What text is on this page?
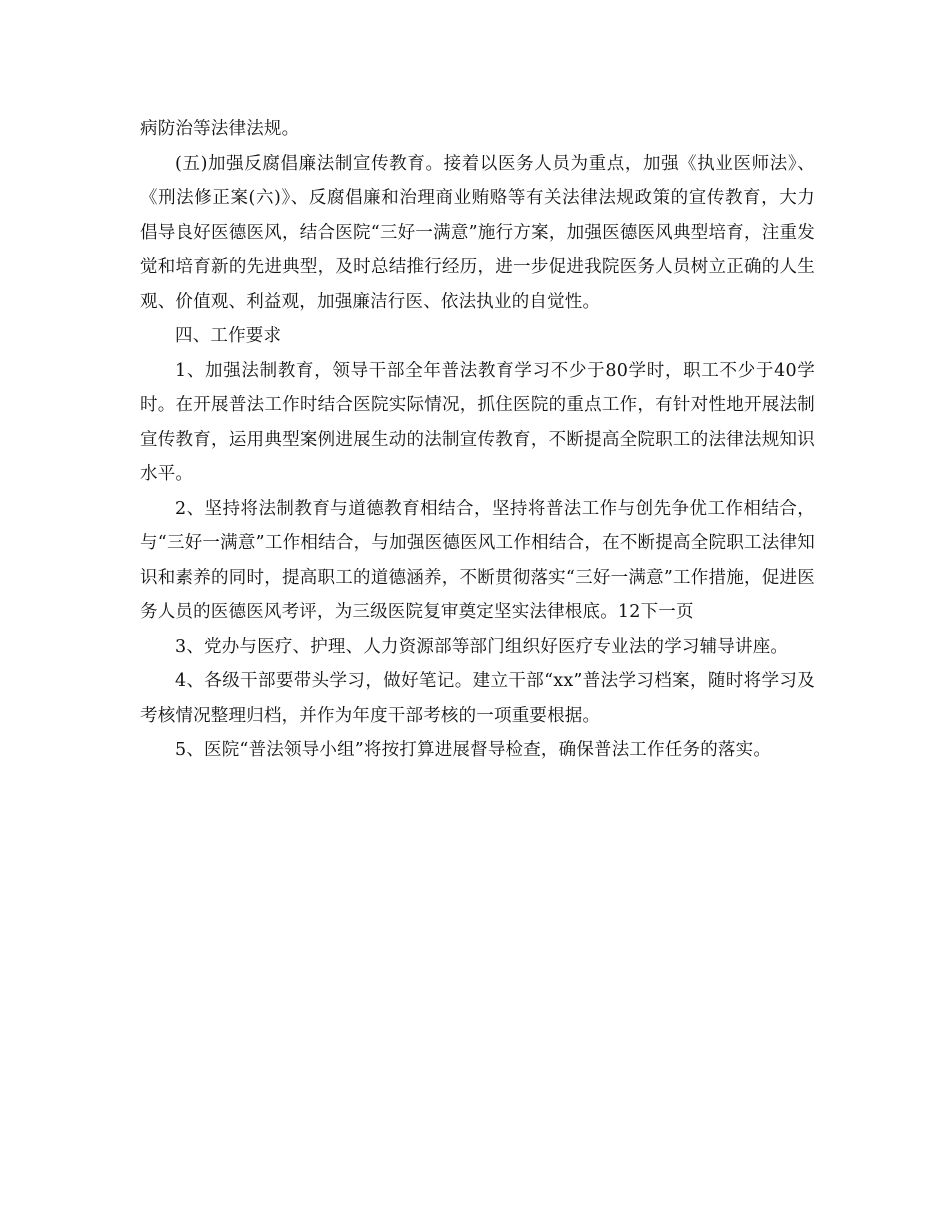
病防治等法律法规。

(五)加强反腐倡廉法制宣传教育。接着以医务人员为重点，加强《执业医师法》、《刑法修正案(六)》、反腐倡廉和治理商业贿赂等有关法律法规政策的宣传教育，大力倡导良好医德医风，结合医院“三好一满意”施行方案，加强医德医风典型培育，注重发觉和培育新的先进典型，及时总结推行经历，进一步促进我院医务人员树立正确的人生观、价值观、利益观，加强廉洁行医、依法执业的自觉性。

四、工作要求

1、加强法制教育，领导干部全年普法教育学习不少于80学时，职工不少于40学时。在开展普法工作时结合医院实际情况，抓住医院的重点工作，有针对性地开展法制宣传教育，运用典型案例进展生动的法制宣传教育，不断提高全院职工的法律法规知识水平。

2、坚持将法制教育与道德教育相结合，坚持将普法工作与创先争优工作相结合，与“三好一满意”工作相结合，与加强医德医风工作相结合，在不断提高全院职工法律知识和素养的同时，提高职工的道德涵养，不断贯彻落实“三好一满意”工作措施，促进医务人员的医德医风考评，为三级医院复审奠定坚实法律根底。12下一页

3、党办与医疗、护理、人力资源部等部门组织好医疗专业法的学习辅导讲座。

4、各级干部要带头学习，做好笔记。建立干部“xx”普法学习档案，随时将学习及考核情况整理归档，并作为年度干部考核的一项重要根据。

5、医院“普法领导小组”将按打算进展督导检查，确保普法工作任务的落实。
